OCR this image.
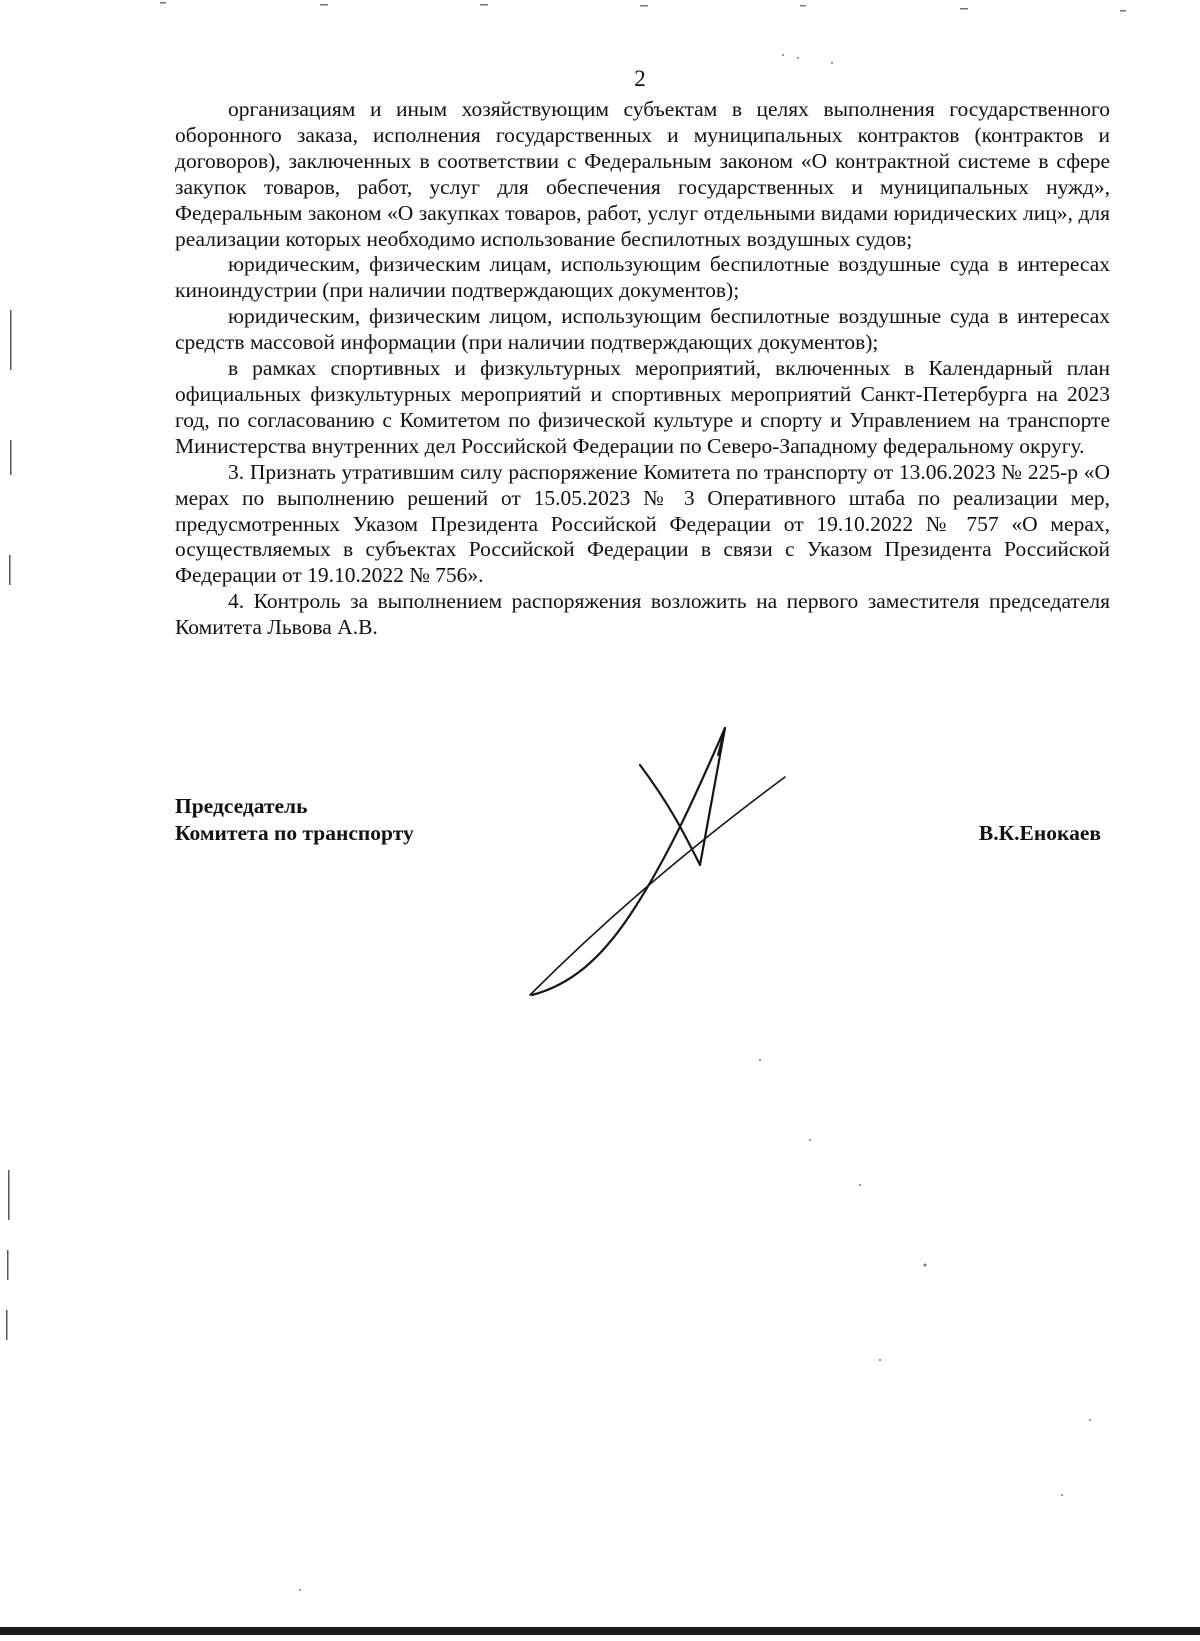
2

организациям и иным хозяйствующим субъектам в целях выполнения государственного оборонного заказа, исполнения государственных и муниципальных контрактов (контрактов и договоров), заключенных в соответствии с Федеральным законом «О контрактной системе в сфере закупок товаров, работ, услуг для обеспечения государственных и муниципальных нужд», Федеральным законом «О закупках товаров, работ, услуг отдельными видами юридических лиц», для реализации которых необходимо использование беспилотных воздушных судов;

юридическим, физическим лицам, использующим беспилотные воздушные суда в интересах киноиндустрии (при наличии подтверждающих документов);

юридическим, физическим лицом, использующим беспилотные воздушные суда в интересах средств массовой информации (при наличии подтверждающих документов);

в рамках спортивных и физкультурных мероприятий, включенных в Календарный план официальных физкультурных мероприятий и спортивных мероприятий Санкт-Петербурга на 2023 год, по согласованию с Комитетом по физической культуре и спорту и Управлением на транспорте Министерства внутренних дел Российской Федерации по Северо-Западному федеральному округу.

3. Признать утратившим силу распоряжение Комитета по транспорту от 13.06.2023 № 225-р «О мерах по выполнению решений от 15.05.2023 № 3 Оперативного штаба по реализации мер, предусмотренных Указом Президента Российской Федерации от 19.10.2022 № 757 «О мерах, осуществляемых в субъектах Российской Федерации в связи с Указом Президента Российской Федерации от 19.10.2022 № 756».

4. Контроль за выполнением распоряжения возложить на первого заместителя председателя Комитета Львова А.В.

Председатель
Комитета по транспорту	В.К.Енокаев
